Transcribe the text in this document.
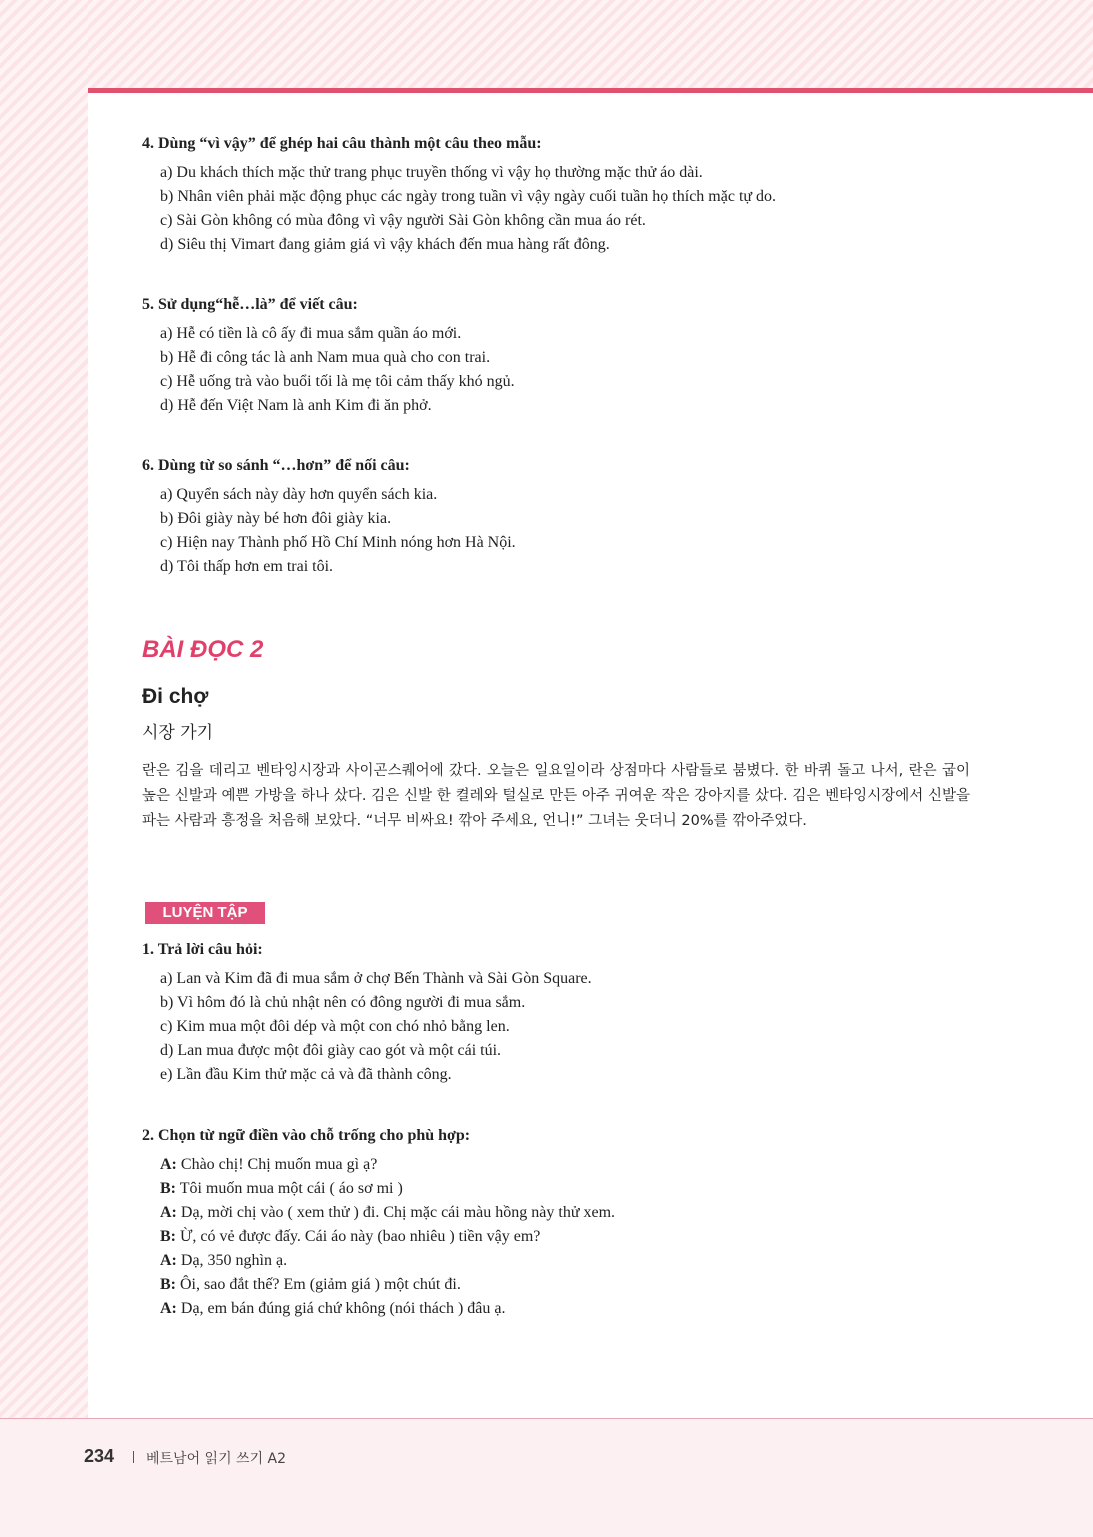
4. Dùng “vì vậy” để ghép hai câu thành một câu theo mẫu:
a) Du khách thích mặc thử trang phục truyền thống vì vậy họ thường mặc thử áo dài.
b) Nhân viên phải mặc động phục các ngày trong tuần vì vậy ngày cuối tuần họ thích mặc tự do.
c) Sài Gòn không có mùa đông vì vậy người Sài Gòn không cần mua áo rét.
d) Siêu thị Vimart đang giảm giá vì vậy khách đến mua hàng rất đông.
5. Sử dụng“hễ…là” để viết câu:
a) Hễ có tiền là cô ấy đi mua sắm quần áo mới.
b) Hễ đi công tác là anh Nam mua quà cho con trai.
c) Hễ uống trà vào buổi tối là mẹ tôi cảm thấy khó ngủ.
d) Hễ đến Việt Nam là anh Kim đi ăn phở.
6. Dùng từ so sánh “…hơn” để nối câu:
a) Quyển sách này dày hơn quyển sách kia.
b) Đôi giày này bé hơn đôi giày kia.
c) Hiện nay Thành phố Hồ Chí Minh nóng hơn Hà Nội.
d) Tôi thấp hơn em trai tôi.
BÀI ĐỌC 2
Đi chợ
시장 가기
란은 김을 데리고 벤타잉시장과 사이곤스퀘어에 갔다. 오늘은 일요일이라 상점마다 사람들로 붐볐다. 한 바퀴 돌고 나서, 란은 굽이 높은 신발과 예쁜 가방을 하나 샀다. 김은 신발 한 켤레와 털실로 만든 아주 귀여운 작은 강아지를 샀다. 김은 벤타잉시장에서 신발을 파는 사람과 흥정을 처음해 보았다. “너무 비싸요! 깎아 주세요, 언니!” 그녀는 웃더니 20%를 깎아주었다.
LUYỆN TẬP
1. Trả lời câu hỏi:
a) Lan và Kim đã đi mua sắm ở chợ Bến Thành và Sài Gòn Square.
b) Vì hôm đó là chủ nhật nên có đông người đi mua sắm.
c) Kim mua một đôi dép và một con chó nhỏ bằng len.
d) Lan mua được một đôi giày cao gót và một cái túi.
e) Lần đầu Kim thử mặc cả và đã thành công.
2. Chọn từ ngữ điền vào chỗ trống cho phù hợp:
A: Chào chị! Chị muốn mua gì ạ?
B: Tôi muốn mua một cái ( áo sơ mi )
A: Dạ, mời chị vào ( xem thử ) đi. Chị mặc cái màu hồng này thử xem.
B: Ừ, có vẻ được đấy. Cái áo này (bao nhiêu ) tiền vậy em?
A: Dạ, 350 nghìn ạ.
B: Ôi, sao đắt thế? Em (giảm giá ) một chút đi.
A: Dạ, em bán đúng giá chứ không (nói thách ) đâu ạ.
234 베트남어 읽기 쓰기 A2
